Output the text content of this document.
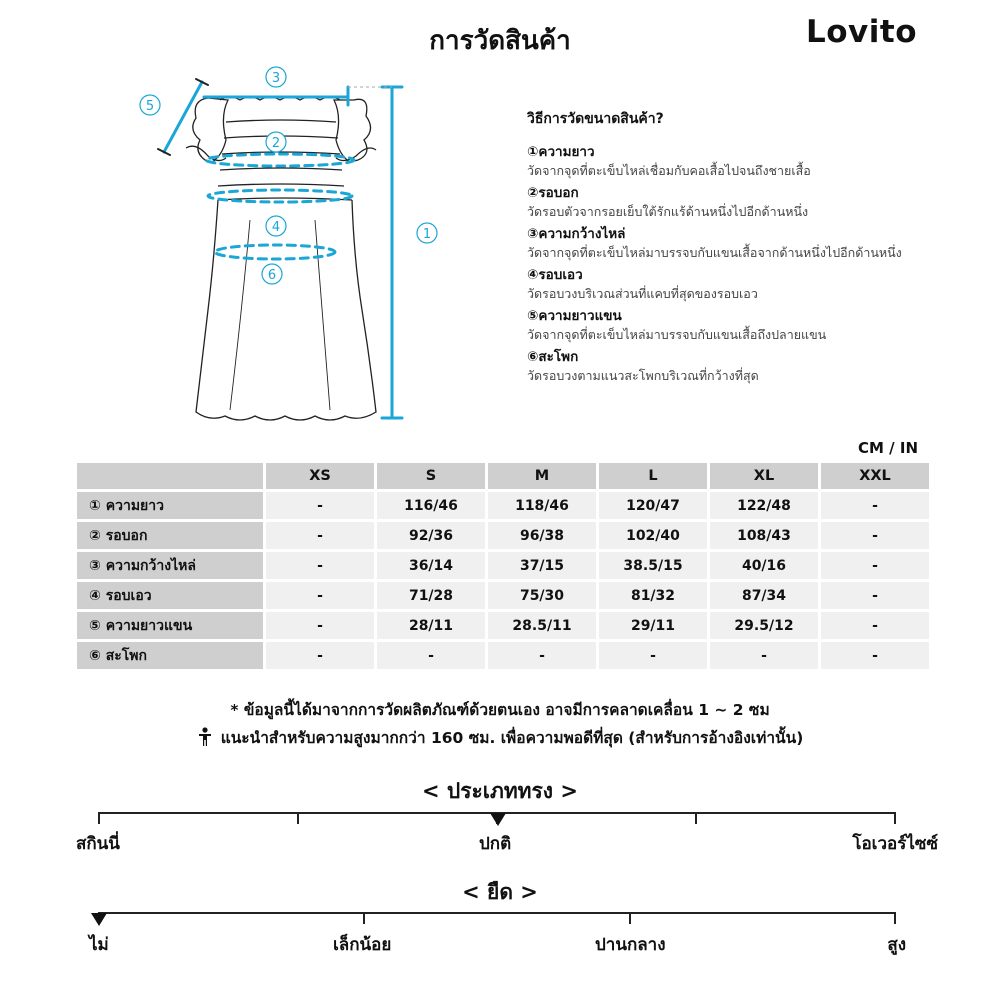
การวัดสินค้า	Lovito
3
5
2
4
6
1
วิธีการวัดขนาดสินค้า?
①ความยาว
วัดจากจุดที่ตะเข็บไหล่เชื่อมกับคอเสื้อไปจนถึงชายเสื้อ
②รอบอก
วัดรอบตัวจากรอยเย็บใต้รักแร้ด้านหนึ่งไปอีกด้านหนึ่ง
③ความกว้างไหล่
วัดจากจุดที่ตะเข็บไหล่มาบรรจบกับแขนเสื้อจากด้านหนึ่งไปอีกด้านหนึ่ง
④รอบเอว
วัดรอบวงบริเวณส่วนที่แคบที่สุดของรอบเอว
⑤ความยาวแขน
วัดจากจุดที่ตะเข็บไหล่มาบรรจบกับแขนเสื้อถึงปลายแขน
⑥สะโพก
วัดรอบวงตามแนวสะโพกบริเวณที่กว้างที่สุด
CM / IN
	XS	S	M	L	XL	XXL
① ความยาว	-	116/46	118/46	120/47	122/48	-
② รอบอก	-	92/36	96/38	102/40	108/43	-
③ ความกว้างไหล่	-	36/14	37/15	38.5/15	40/16	-
④ รอบเอว	-	71/28	75/30	81/32	87/34	-
⑤ ความยาวแขน	-	28/11	28.5/11	29/11	29.5/12	-
⑥ สะโพก	-	-	-	-	-	-
* ข้อมูลนี้ได้มาจากการวัดผลิตภัณฑ์ด้วยตนเอง อาจมีการคลาดเคลื่อน 1 ~ 2 ซม
แนะนำสำหรับความสูงมากกว่า 160 ซม. เพื่อความพอดีที่สุด (สำหรับการอ้างอิงเท่านั้น)
< ประเภททรง >
สกินนี่	ปกติ	โอเวอร์ไซซ์
< ยืด >
ไม่	เล็กน้อย	ปานกลาง	สูง
